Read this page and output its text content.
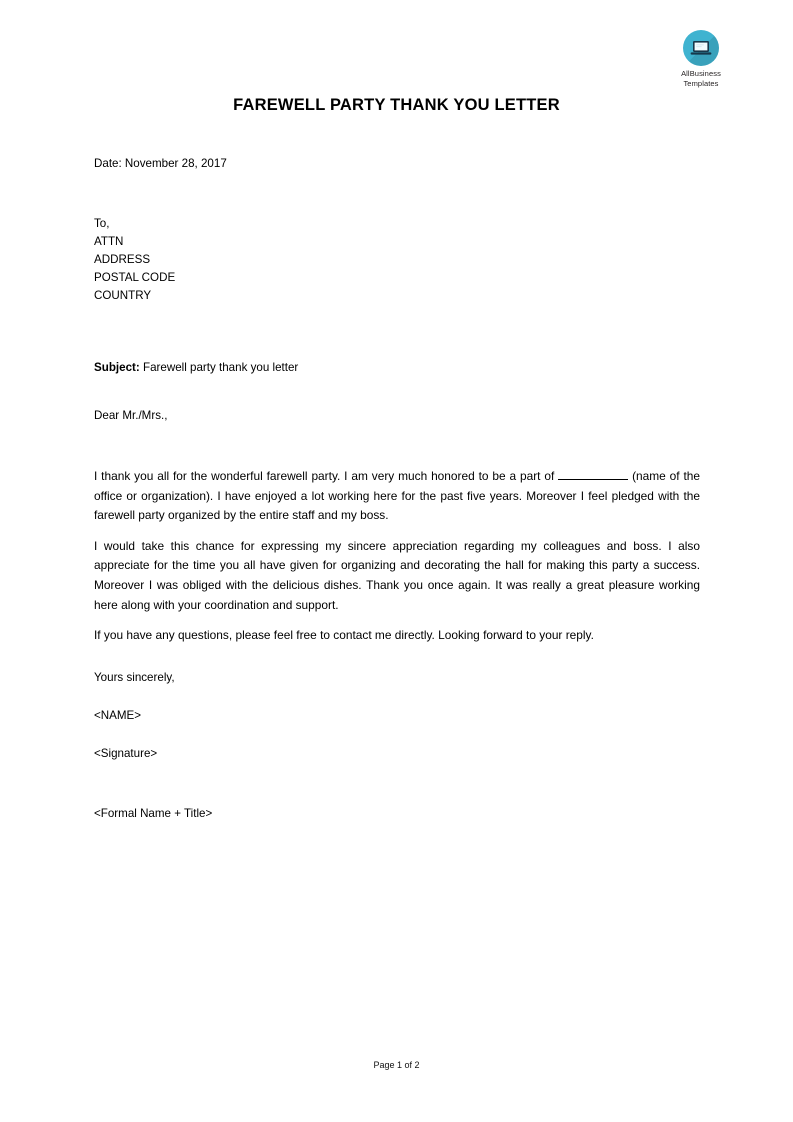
AllBusiness
Templates
FAREWELL PARTY THANK YOU LETTER
Date: November 28, 2017
To,
ATTN
ADDRESS
POSTAL CODE
COUNTRY
Subject: Farewell party thank you letter
Dear Mr./Mrs.,

I thank you all for the wonderful farewell party. I am very much honored to be a part of	(name of the office or organization). I have enjoyed a lot working here for the past five years. Moreover I feel pledged with the farewell party organized by the entire staff and my boss.

I would take this chance for expressing my sincere appreciation regarding my colleagues and boss. I also appreciate for the time you all have given for organizing and decorating the hall for making this party a success. Moreover I was obliged with the delicious dishes. Thank you once again. It was really a great pleasure working here along with your coordination and support.

If you have any questions, please feel free to contact me directly. Looking forward to your reply.

Yours sincerely,

<NAME>

<Signature>

<Formal Name + Title>

Page 1 of 2
